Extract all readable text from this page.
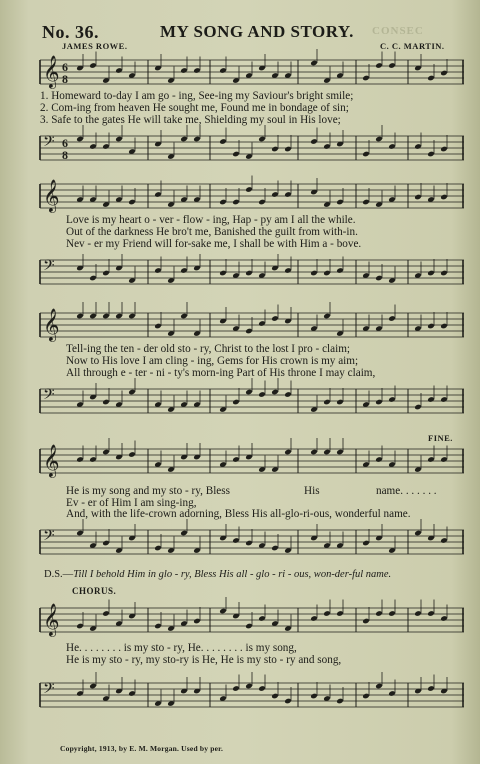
No. 36.	MY SONG AND STORY. CONSEC
JAMES ROWE.	C. C. MARTIN.
𝄞 6
8
𝄢 6
8
𝄞
𝄢
𝄞
𝄢
𝄞
𝄢
𝄞
𝄢
1. Homeward to-day I am go - ing, See-ing my Saviour's bright smile;
2. Com-ing from heaven He sought me, Found me in bondage of sin;
3. Safe to the gates He will take me, Shielding my soul in His love;
Love is my heart o - ver - flow - ing, Hap - py am I all the while.
Out of the darkness He bro't me, Banished the guilt from with-in.
Nev - er my Friend will for-sake me, I shall be with Him a - bove.
Tell-ing the ten - der old sto - ry, Christ to the lost I pro - claim;
Now to His love I am cling - ing, Gems for His crown is my aim;
All through e - ter - ni - ty's morn-ing Part of His throne I may claim,
He is my song and my sto - ry, Bless	His	name. . . . . . .
Ev - er of Him I am sing-ing,
And, with the life-crown adorning, Bless His all-glo-ri-ous, wonderful name.
FINE.
D.S.—Till I behold Him in glo - ry, Bless His all - glo - ri - ous, won-der-ful name.
CHORUS.
He. . . . . . . . is my sto - ry, He. . . . . . . . is my song,
He is my sto - ry, my sto-ry is He, He is my sto - ry and song,
Copyright, 1913, by E. M. Morgan. Used by per.
